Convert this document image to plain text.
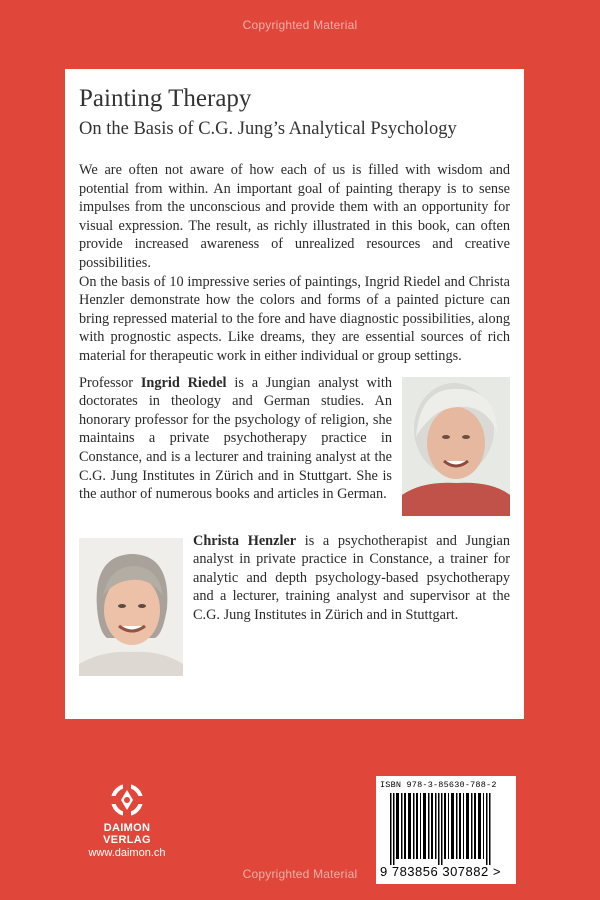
Copyrighted Material
Painting Therapy
On the Basis of C.G. Jung’s Analytical Psychology

We are often not aware of how each of us is filled with wisdom and potential from within. An important goal of painting therapy is to sense impulses from the unconscious and provide them with an opportunity for visual expression. The result, as richly illustrated in this book, can often provide increased awareness of unrealized resources and creative possibilities.

On the basis of 10 impressive series of paintings, Ingrid Riedel and Christa Henzler demonstrate how the colors and forms of a painted picture can bring repressed material to the fore and have diagnostic possibilities, along with prognostic aspects. Like dreams, they are essential sources of rich material for therapeutic work in either individual or group settings.

Professor Ingrid Riedel is a Jungian analyst with doctorates in theology and German studies. An honorary professor for the psychology of religion, she maintains a private psychotherapy practice in Constance, and is a lecturer and training analyst at the C.G. Jung Institutes in Zürich and in Stuttgart. She is the author of numerous books and articles in German.

Christa Henzler is a psychotherapist and Jungian analyst in private practice in Constance, a trainer for analytic and depth psychology-based psychotherapy and a lecturer, training analyst and supervisor at the C.G. Jung Institutes in Zürich and in Stuttgart.

DAIMON
VERLAG
www.daimon.ch
ISBN 978-3-85630-788-2
9 783856 307882 >
Copyrighted Material
